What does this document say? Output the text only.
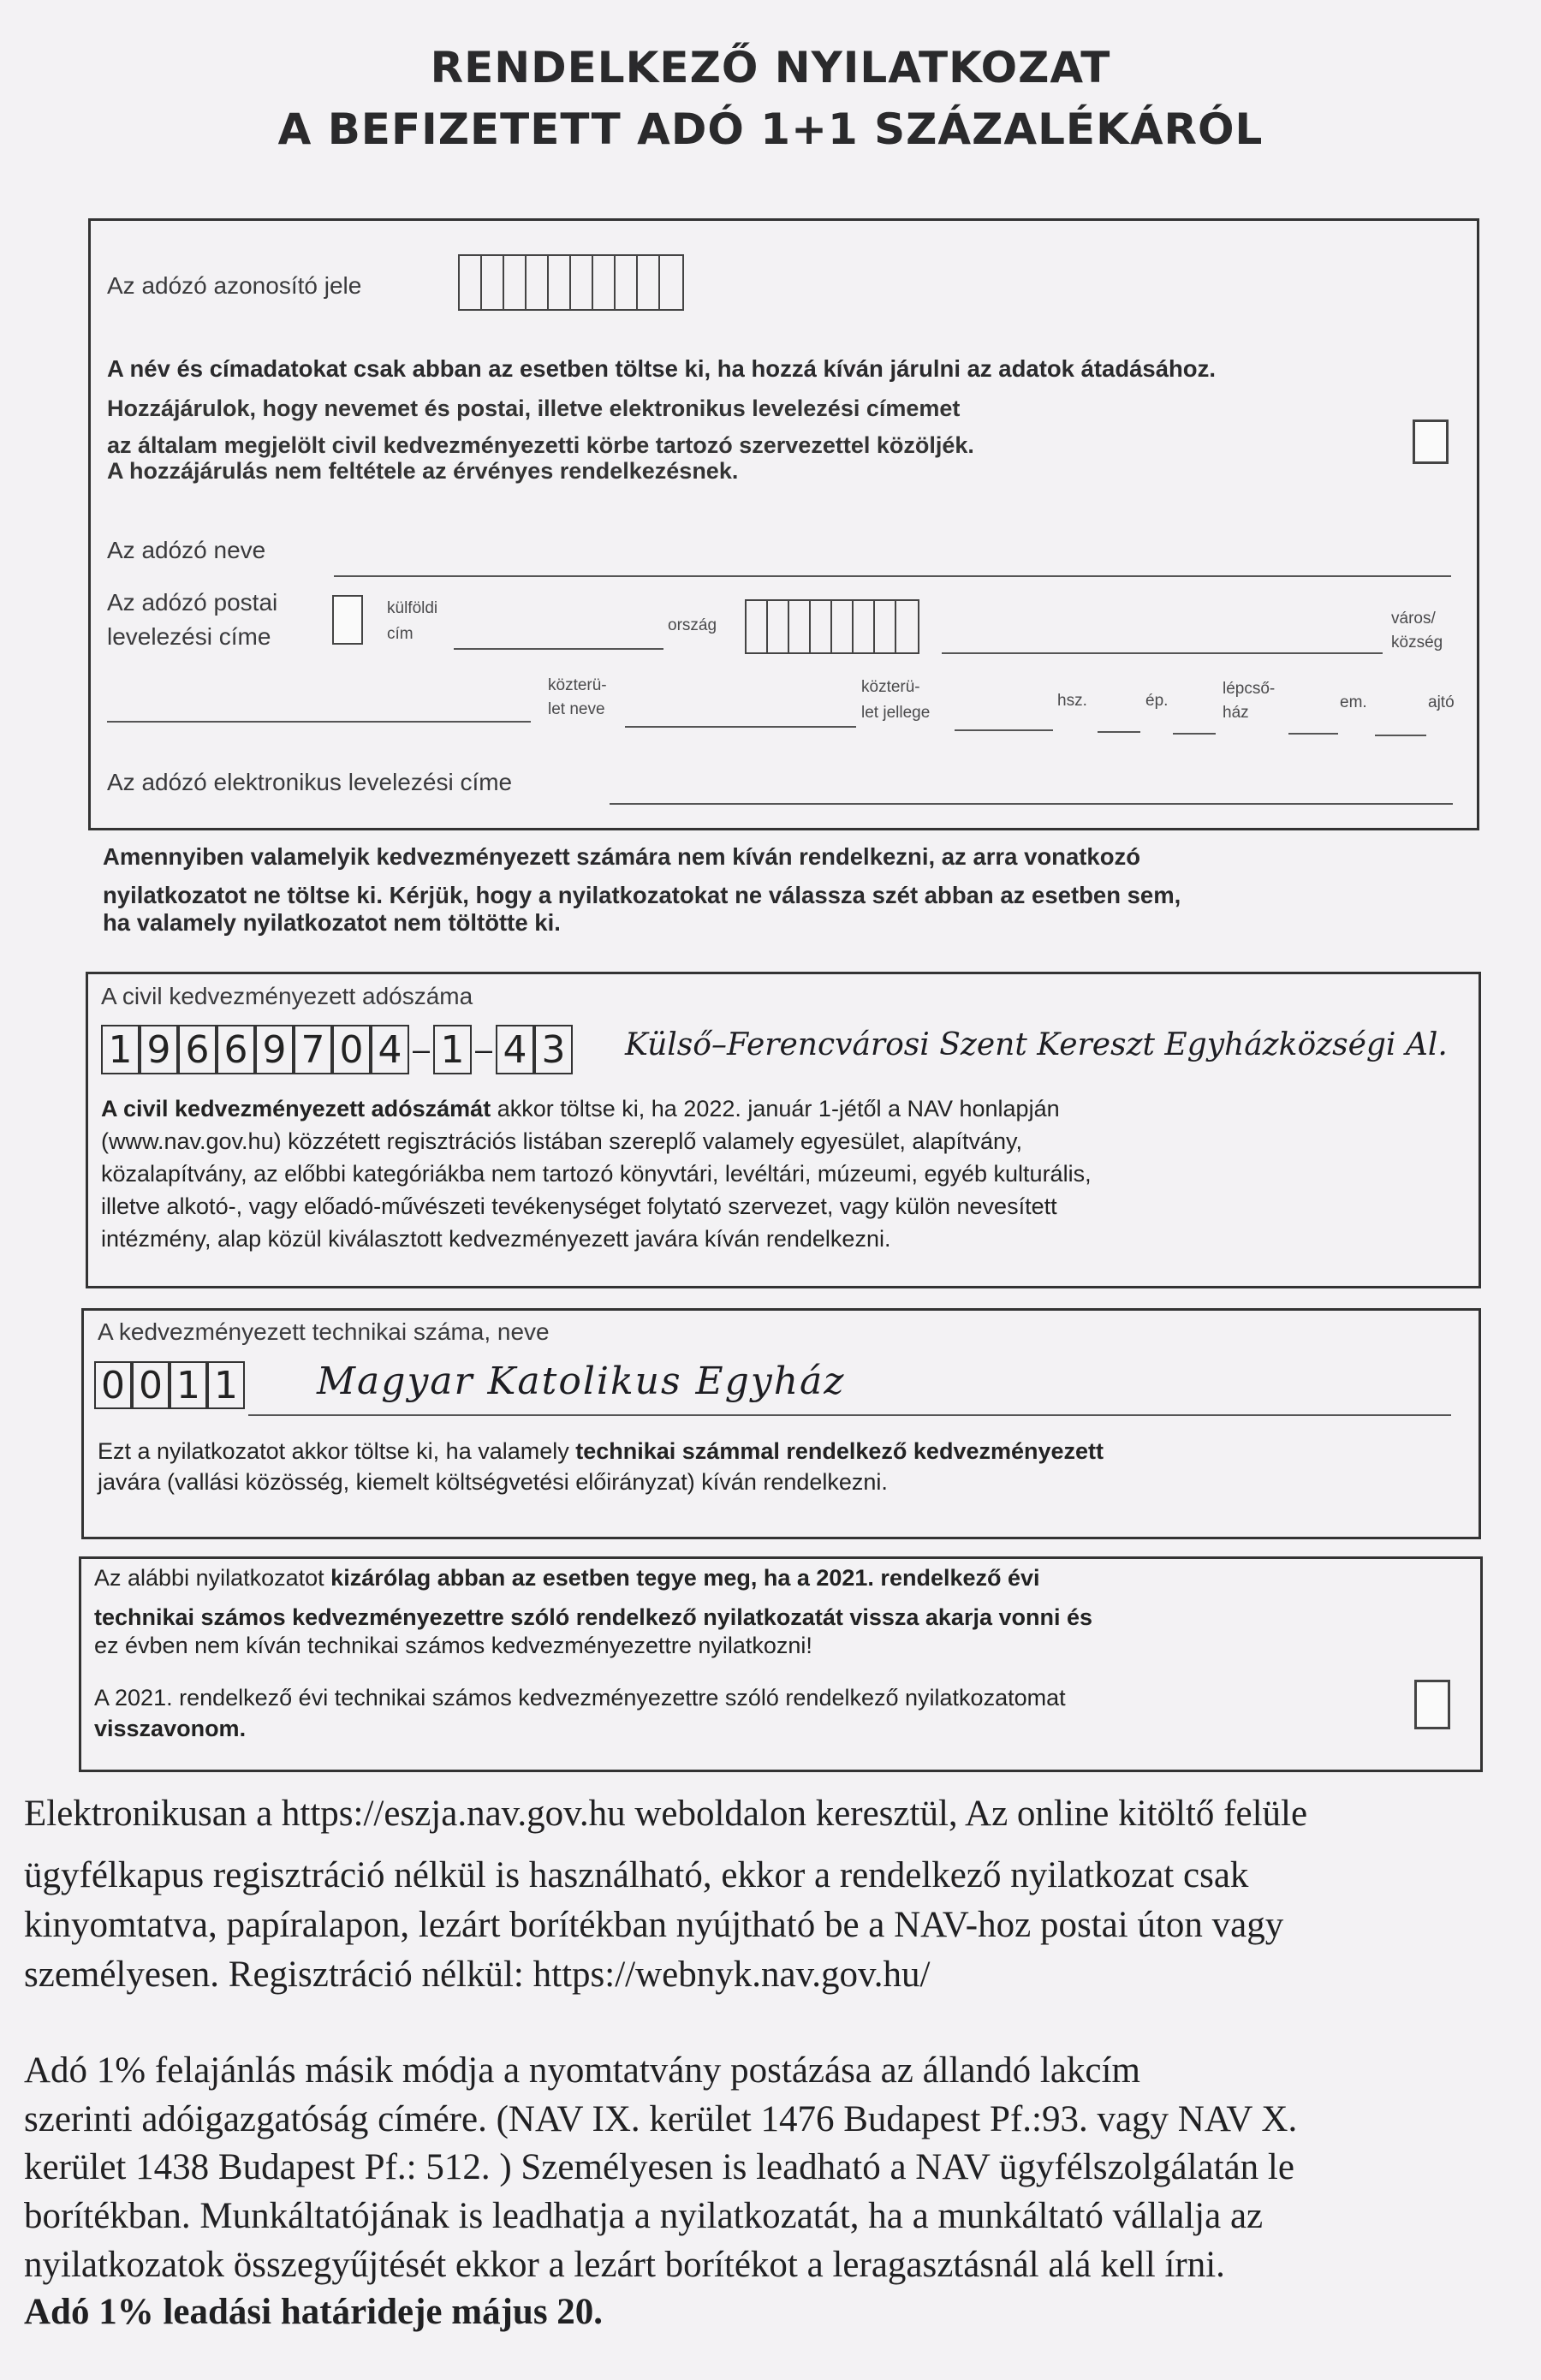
RENDELKEZŐ NYILATKOZAT
A BEFIZETETT ADÓ 1+1 SZÁZALÉKÁRÓL
Az adózó azonosító jele
A név és címadatokat csak abban az esetben töltse ki, ha hozzá kíván járulni az adatok átadásához.
Hozzájárulok, hogy nevemet és postai, illetve elektronikus levelezési címemet
az általam megjelölt civil kedvezményezetti körbe tartozó szervezettel közöljék.
A hozzájárulás nem feltétele az érvényes rendelkezésnek.
Az adózó neve
Az adózó postai
levelezési címe
külföldi
cím	ország	város/
község
közterü-
let neve
közterü-
let jellege
hsz.	ép.
lépcső-
ház
em.	ajtó
Az adózó elektronikus levelezési címe
Amennyiben valamelyik kedvezményezett számára nem kíván rendelkezni, az arra vonatkozó
nyilatkozatot ne töltse ki. Kérjük, hogy a nyilatkozatokat ne válassza szét abban az esetben sem,
ha valamely nyilatkozatot nem töltötte ki.
A civil kedvezményezett adószáma
1 9 6 6 9 7 0 4 – 1 – 4 3 Külső–Ferencvárosi Szent Kereszt Egyházközségi Al.
A civil kedvezményezett adószámát akkor töltse ki, ha 2022. január 1-jétől a NAV honlapján
(www.nav.gov.hu) közzétett regisztrációs listában szereplő valamely egyesület, alapítvány,
közalapítvány, az előbbi kategóriákba nem tartozó könyvtári, levéltári, múzeumi, egyéb kulturális,
illetve alkotó-, vagy előadó-művészeti tevékenységet folytató szervezet, vagy külön nevesített
intézmény, alap közül kiválasztott kedvezményezett javára kíván rendelkezni.
A kedvezményezett technikai száma, neve
0 0 1 1 Magyar Katolikus Egyház
Ezt a nyilatkozatot akkor töltse ki, ha valamely technikai számmal rendelkező kedvezményezett
javára (vallási közösség, kiemelt költségvetési előirányzat) kíván rendelkezni.
Az alábbi nyilatkozatot kizárólag abban az esetben tegye meg, ha a 2021. rendelkező évi
technikai számos kedvezményezettre szóló rendelkező nyilatkozatát vissza akarja vonni és
ez évben nem kíván technikai számos kedvezményezettre nyilatkozni!
A 2021. rendelkező évi technikai számos kedvezményezettre szóló rendelkező nyilatkozatomat
visszavonom.
Elektronikusan a https://eszja.nav.gov.hu weboldalon keresztül, Az online kitöltő felüle
ügyfélkapus regisztráció nélkül is használható, ekkor a rendelkező nyilatkozat csak
kinyomtatva, papíralapon, lezárt borítékban nyújtható be a NAV-hoz postai úton vagy
személyesen. Regisztráció nélkül: https://webnyk.nav.gov.hu/
Adó 1% felajánlás másik módja a nyomtatvány postázása az állandó lakcím
szerinti adóigazgatóság címére. (NAV IX. kerület 1476 Budapest Pf.:93. vagy NAV X.
kerület 1438 Budapest Pf.: 512. ) Személyesen is leadható a NAV ügyfélszolgálatán le
borítékban. Munkáltatójának is leadhatja a nyilatkozatát, ha a munkáltató vállalja az
nyilatkozatok összegyűjtését ekkor a lezárt borítékot a leragasztásnál alá kell írni.
Adó 1% leadási határideje május 20.
